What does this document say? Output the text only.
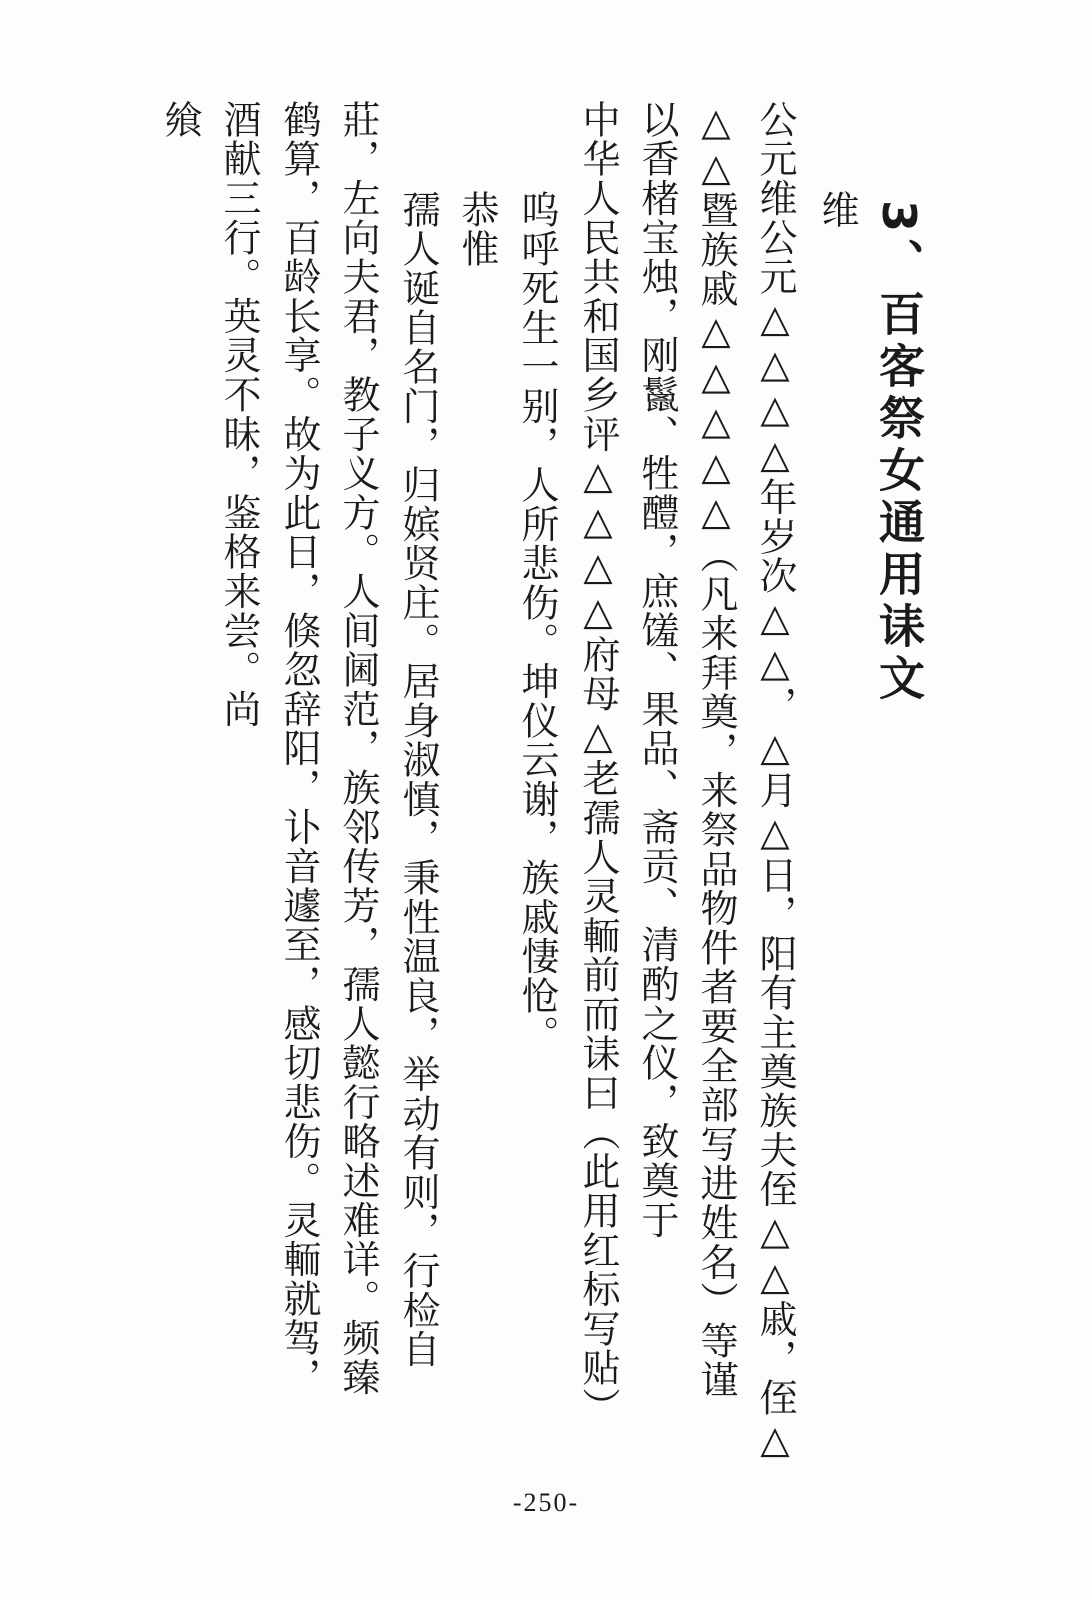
3、百客祭女通用诔文
维
公元维公元△△△△年岁次△△，△月△日，阳有主奠族夫侄△△戚，侄△
△△暨族戚△△△△△（凡来拜奠，来祭品物件者要全部写进姓名）等谨
以香楮宝烛，刚鬣、牲醴，庶馐、果品、斋贡、清酌之仪，致奠于
中华人民共和国乡评△△△△府母△老孺人灵輀前而诔曰（此用红标写贴）
呜呼死生一别，人所悲伤。坤仪云谢，族戚悽怆。
恭惟
孺人诞自名门，归嫔贤庄。居身淑慎，秉性温良，举动有则，行检自
莊，左向夫君，教子义方。人间阃范，族邻传芳，孺人懿行略述难详。频臻
鹤算，百龄长享。故为此日，倏忽辞阳，讣音遽至，感切悲伤。灵輀就驾，
酒献三行。英灵不昧，鉴格来尝。尚
飨
-250-
